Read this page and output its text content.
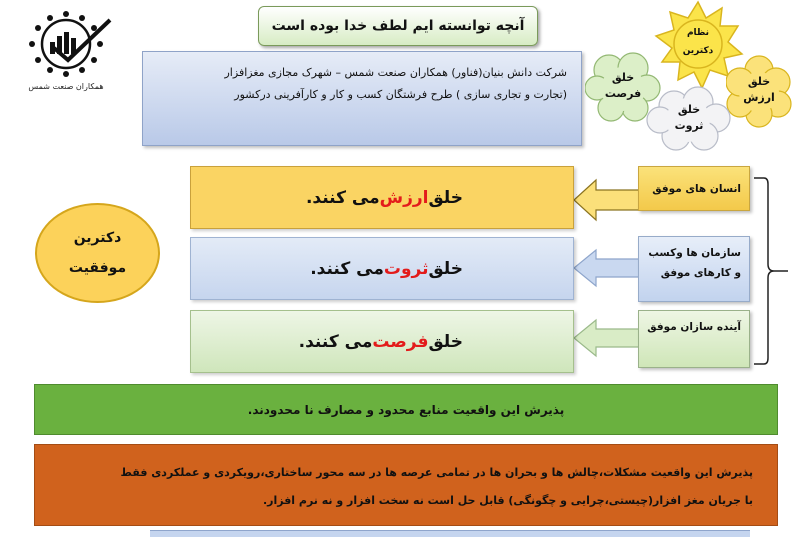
همکاران صنعت شمس
آنچه توانسته ایم لطف خدا بوده است
شرکت دانش بنیان(فناور) همکاران صنعت شمس – شهرک مجازی مغزافزار
(تجارت و تجاری سازی ) طرح فرشتگان کسب و کار و کارآفرینی درکشور
نظام
دکترین
خلق
ارزش
خلق
ثروت
خلق
فرصت
انسان های موفق
سازمان ها وکسب و کارهای موفق
آینده سازان موفق
خلق
ارزش
می کنند.
خلق
ثروت
می کنند.
خلق
فرصت
می کنند.
دکترین
موفقیت
پذیرش این واقعیت منابع محدود و مصارف نا محدودند.
پذیرش این واقعیت مشکلات،چالش ها و بحران ها در تمامی عرصه ها در سه محور ساختاری،رویکردی و عملکردی فقط
با جریان مغز افزار(چیستی،چرایی و چگونگی) قابل حل است نه سخت افزار و نه نرم افزار.
